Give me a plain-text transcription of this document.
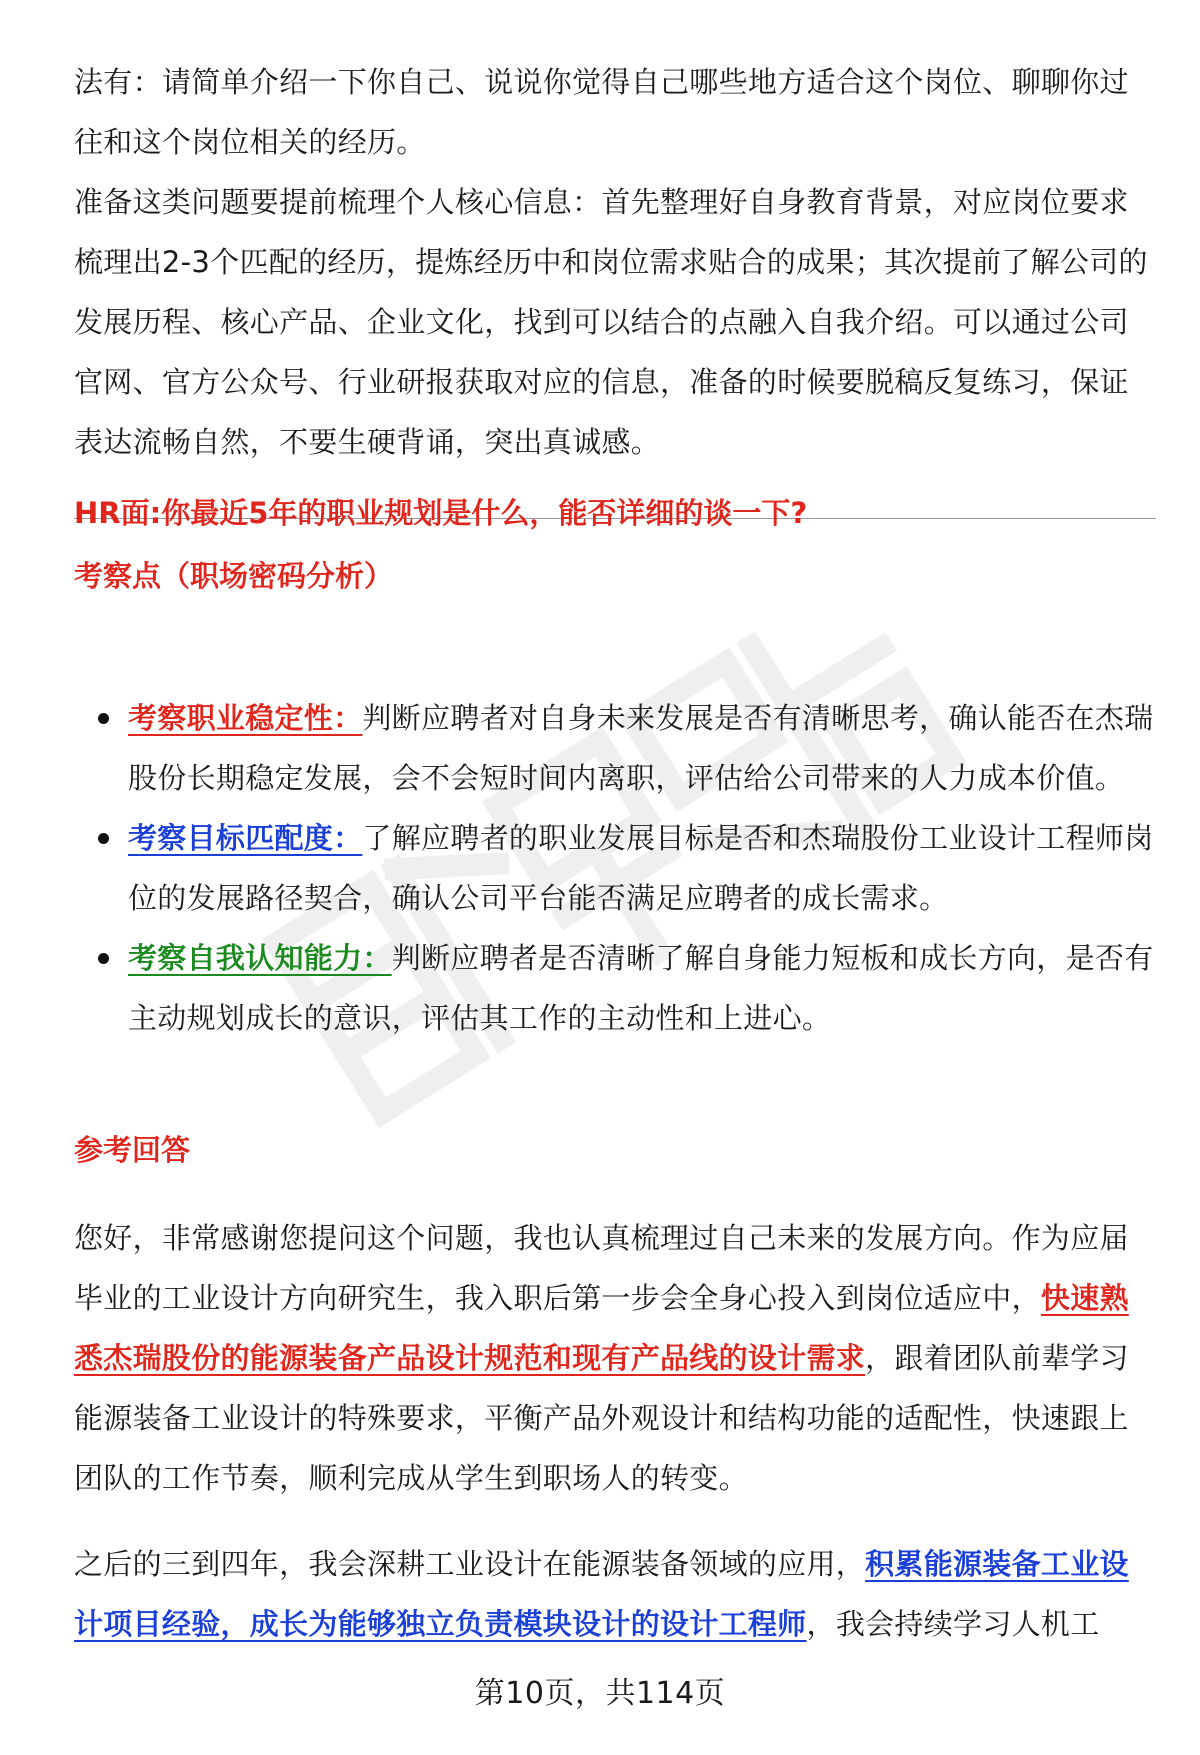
法有：请简单介绍一下你自己、说说你觉得自己哪些地方适合这个岗位、聊聊你过往和这个岗位相关的经历。

准备这类问题要提前梳理个人核心信息：首先整理好自身教育背景，对应岗位要求梳理出2-3个匹配的经历，提炼经历中和岗位需求贴合的成果；其次提前了解公司的发展历程、核心产品、企业文化，找到可以结合的点融入自我介绍。可以通过公司官网、官方公众号、行业研报获取对应的信息，准备的时候要脱稿反复练习，保证表达流畅自然，不要生硬背诵，突出真诚感。

HR面:你最近5年的职业规划是什么，能否详细的谈一下?
考察点（职场密码分析）
考察职业稳定性：判断应聘者对自身未来发展是否有清晰思考，确认能否在杰瑞股份长期稳定发展，会不会短时间内离职，评估给公司带来的人力成本价值。
考察目标匹配度：了解应聘者的职业发展目标是否和杰瑞股份工业设计工程师岗位的发展路径契合，确认公司平台能否满足应聘者的成长需求。
考察自我认知能力：判断应聘者是否清晰了解自身能力短板和成长方向，是否有主动规划成长的意识，评估其工作的主动性和上进心。
参考回答

您好，非常感谢您提问这个问题，我也认真梳理过自己未来的发展方向。作为应届毕业的工业设计方向研究生，我入职后第一步会全身心投入到岗位适应中，快速熟悉杰瑞股份的能源装备产品设计规范和现有产品线的设计需求，跟着团队前辈学习能源装备工业设计的特殊要求，平衡产品外观设计和结构功能的适配性，快速跟上团队的工作节奏，顺利完成从学生到职场人的转变。

之后的三到四年，我会深耕工业设计在能源装备领域的应用，积累能源装备工业设计项目经验，成长为能够独立负责模块设计的设计工程师，我会持续学习人机工

第10页，共114页
